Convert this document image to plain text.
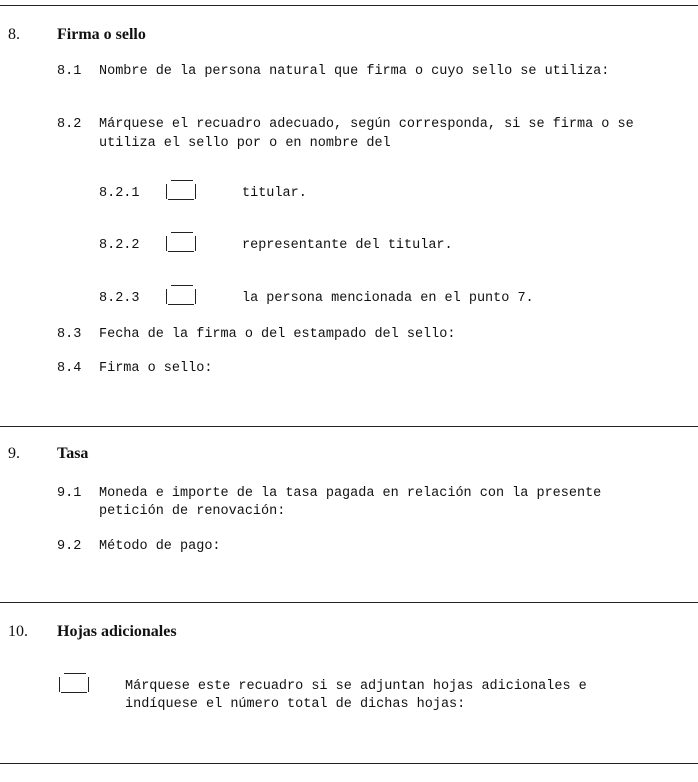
8. Firma o sello
8.1 Nombre de la persona natural que firma o cuyo sello se utiliza:
8.2 Márquese el recuadro adecuado, según corresponda, si se firma o se
utiliza el sello por o en nombre del
8.2.1	titular.
8.2.2	representante del titular.
8.2.3	la persona mencionada en el punto 7.
8.3 Fecha de la firma o del estampado del sello:
8.4 Firma o sello:
9. Tasa
9.1 Moneda e importe de la tasa pagada en relación con la presente
petición de renovación:
9.2 Método de pago:
10. Hojas adicionales
Márquese este recuadro si se adjuntan hojas adicionales e
indíquese el número total de dichas hojas:
